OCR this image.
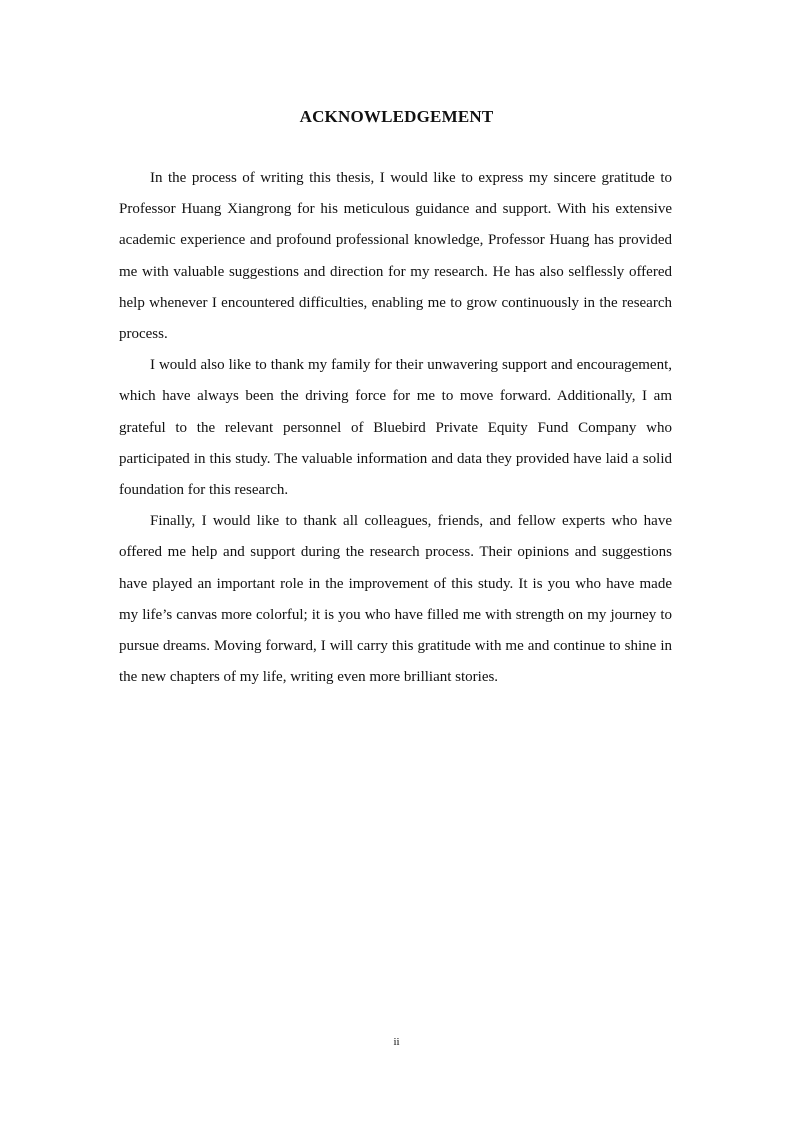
ACKNOWLEDGEMENT

In the process of writing this thesis, I would like to express my sincere gratitude to Professor Huang Xiangrong for his meticulous guidance and support. With his extensive academic experience and profound professional knowledge, Professor Huang has provided me with valuable suggestions and direction for my research. He has also selflessly offered help whenever I encountered difficulties, enabling me to grow continuously in the research process.

I would also like to thank my family for their unwavering support and encouragement, which have always been the driving force for me to move forward. Additionally, I am grateful to the relevant personnel of Bluebird Private Equity Fund Company who participated in this study. The valuable information and data they provided have laid a solid foundation for this research.

Finally, I would like to thank all colleagues, friends, and fellow experts who have offered me help and support during the research process. Their opinions and suggestions have played an important role in the improvement of this study. It is you who have made my life’s canvas more colorful; it is you who have filled me with strength on my journey to pursue dreams. Moving forward, I will carry this gratitude with me and continue to shine in the new chapters of my life, writing even more brilliant stories.

ii
